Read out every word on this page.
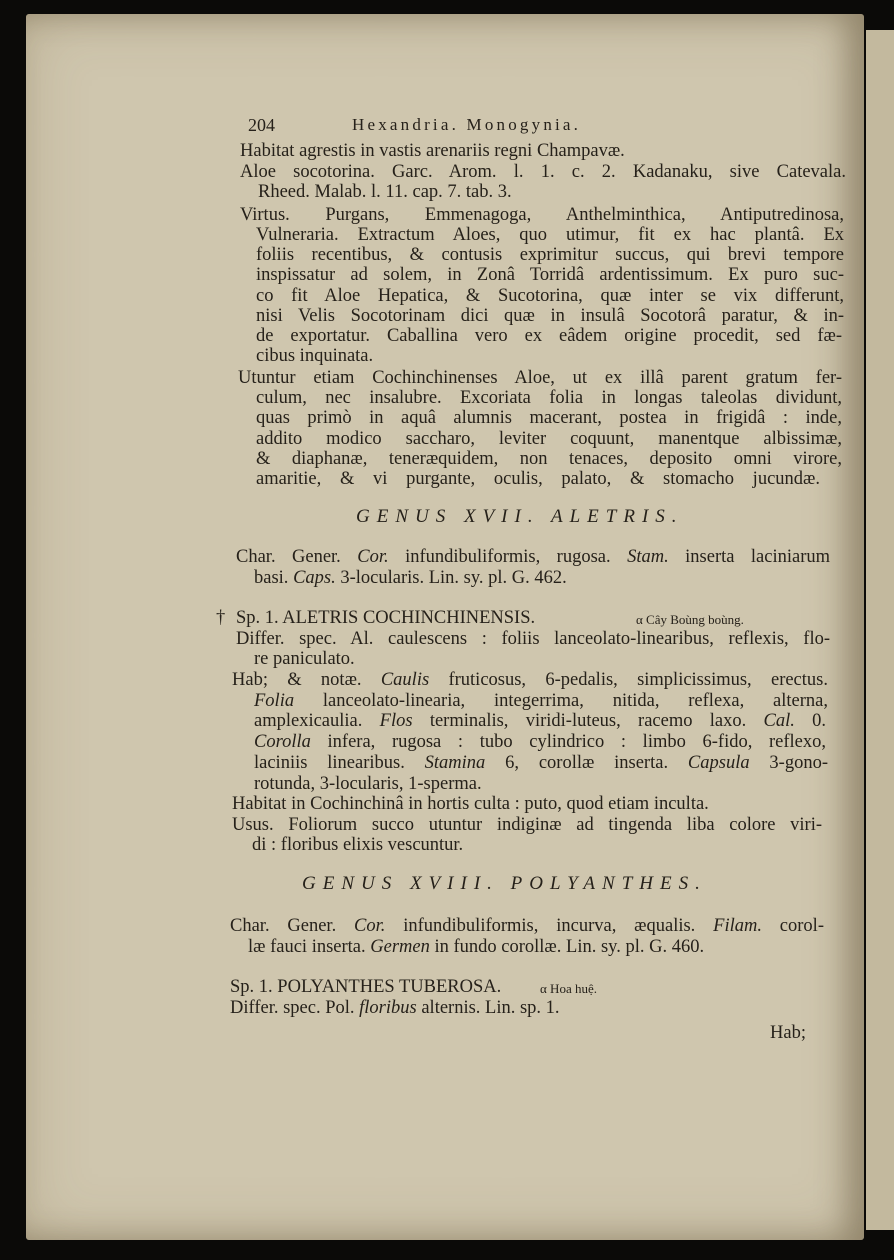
204	Hexandria. Monogynia.
Habitat agrestis in vastis arenariis regni Champavæ.
Aloe socotorina. Garc. Arom. l. 1. c. 2. Kadanaku, sive Catevala.
Rheed. Malab. l. 11. cap. 7. tab. 3.
Virtus. Purgans, Emmenagoga, Anthelminthica, Antiputredinosa,
Vulneraria. Extractum Aloes, quo utimur, fit ex hac plantâ. Ex
foliis recentibus, & contusis exprimitur succus, qui brevi tempore
inspissatur ad solem, in Zonâ Torridâ ardentissimum. Ex puro suc-
co fit Aloe Hepatica, & Sucotorina, quæ inter se vix differunt,
nisi Velis Socotorinam dici quæ in insulâ Socotorâ paratur, & in-
de exportatur. Caballina vero ex eâdem origine procedit, sed fæ-
cibus inquinata.
Utuntur etiam Cochinchinenses Aloe, ut ex illâ parent gratum fer-
culum, nec insalubre. Excoriata folia in longas taleolas dividunt,
quas primò in aquâ alumnis macerant, postea in frigidâ : inde,
addito modico saccharo, leviter coquunt, manentque albissimæ,
& diaphanæ, teneræquidem, non tenaces, deposito omni virore,
amaritie, & vi purgante, oculis, palato, & stomacho jucundæ.
GENUS XVII. ALETRIS.
Char. Gener. Cor. infundibuliformis, rugosa. Stam. inserta laciniarum
basi. Caps. 3-locularis. Lin. sy. pl. G. 462.
† Sp. 1. ALETRIS COCHINCHINENSIS.	α Cây Boùng boùng.
Differ. spec. Al. caulescens : foliis lanceolato-linearibus, reflexis, flo-
re paniculato.
Hab; & notæ. Caulis fruticosus, 6-pedalis, simplicissimus, erectus.
Folia lanceolato-linearia, integerrima, nitida, reflexa, alterna,
amplexicaulia. Flos terminalis, viridi-luteus, racemo laxo. Cal. 0.
Corolla infera, rugosa : tubo cylindrico : limbo 6-fido, reflexo,
laciniis linearibus. Stamina 6, corollæ inserta. Capsula 3-gono-
rotunda, 3-locularis, 1-sperma.
Habitat in Cochinchinâ in hortis culta : puto, quod etiam inculta.
Usus. Foliorum succo utuntur indiginæ ad tingenda liba colore viri-
di : floribus elixis vescuntur.
GENUS XVIII. POLYANTHES.
Char. Gener. Cor. infundibuliformis, incurva, æqualis. Filam. corol-
læ fauci inserta. Germen in fundo corollæ. Lin. sy. pl. G. 460.
Sp. 1. POLYANTHES TUBEROSA.	α Hoa huệ.
Differ. spec. Pol. floribus alternis. Lin. sp. 1.
Hab;
